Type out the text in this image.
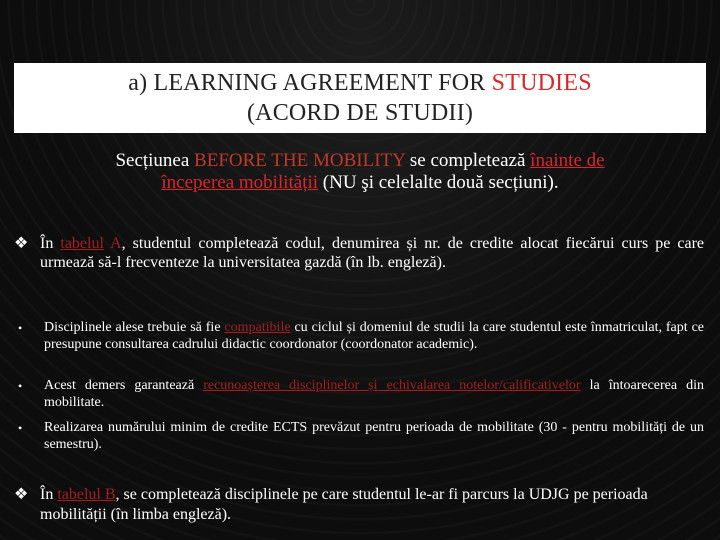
a) LEARNING AGREEMENT FOR STUDIES
(ACORD DE STUDII)
Secțiunea BEFORE THE MOBILITY se completează înainte de
începerea mobilității (NU şi celelalte două secțiuni).
❖ În tabelul A, studentul completează codul, denumirea și nr. de credite alocat fiecărui curs pe care urmează să-l frecventeze la universitatea gazdă (în lb. engleză).
•	Disciplinele alese trebuie să fie compatibile cu ciclul și domeniul de studii la care studentul este înmatriculat, fapt ce presupune consultarea cadrului didactic coordonator (coordonator academic).
•	Acest demers garantează recunoașterea disciplinelor și echivalarea notelor/calificativelor la întoarecerea din mobilitate.
•	Realizarea numărului minim de credite ECTS prevăzut pentru perioada de mobilitate (30 - pentru mobilități de un semestru).
❖ În tabelul B, se completează disciplinele pe care studentul le-ar fi parcurs la UDJG pe perioada mobilității (în limba engleză).
